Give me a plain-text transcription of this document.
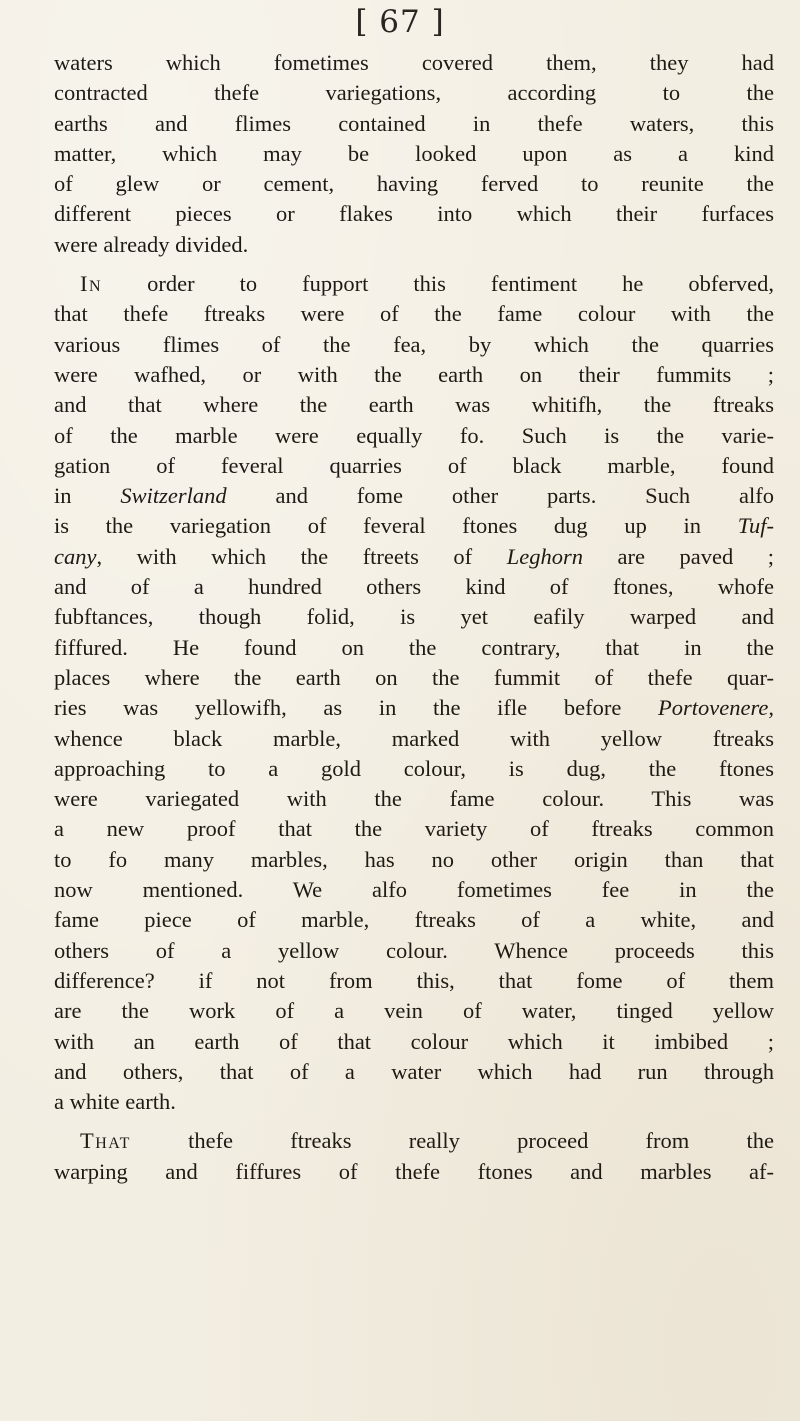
[ 67 ]
waters which fometimes covered them, they had
contracted thefe variegations, according to the
earths and flimes contained in thefe waters, this
matter, which may be looked upon as a kind
of glew or cement, having ferved to reunite the
different pieces or flakes into which their furfaces
were already divided.
In order to fupport this fentiment he obferved,
that thefe ftreaks were of the fame colour with the
various flimes of the fea, by which the quarries
were wafhed, or with the earth on their fummits ;
and that where the earth was whitifh, the ftreaks
of the marble were equally fo. Such is the varie-
gation of feveral quarries of black marble, found
in Switzerland and fome other parts. Such alfo
is the variegation of feveral ftones dug up in Tuf-
cany, with which the ftreets of Leghorn are paved ;
and of a hundred others kind of ftones, whofe
fubftances, though folid, is yet eafily warped and
fiffured. He found on the contrary, that in the
places where the earth on the fummit of thefe quar-
ries was yellowifh, as in the ifle before Portovenere,
whence black marble, marked with yellow ftreaks
approaching to a gold colour, is dug, the ftones
were variegated with the fame colour. This was
a new proof that the variety of ftreaks common
to fo many marbles, has no other origin than that
now mentioned. We alfo fometimes fee in the
fame piece of marble, ftreaks of a white, and
others of a yellow colour. Whence proceeds this
difference? if not from this, that fome of them
are the work of a vein of water, tinged yellow
with an earth of that colour which it imbibed ;
and others, that of a water which had run through
a white earth.
That thefe ftreaks really proceed from the
warping and fiffures of thefe ftones and marbles af-
